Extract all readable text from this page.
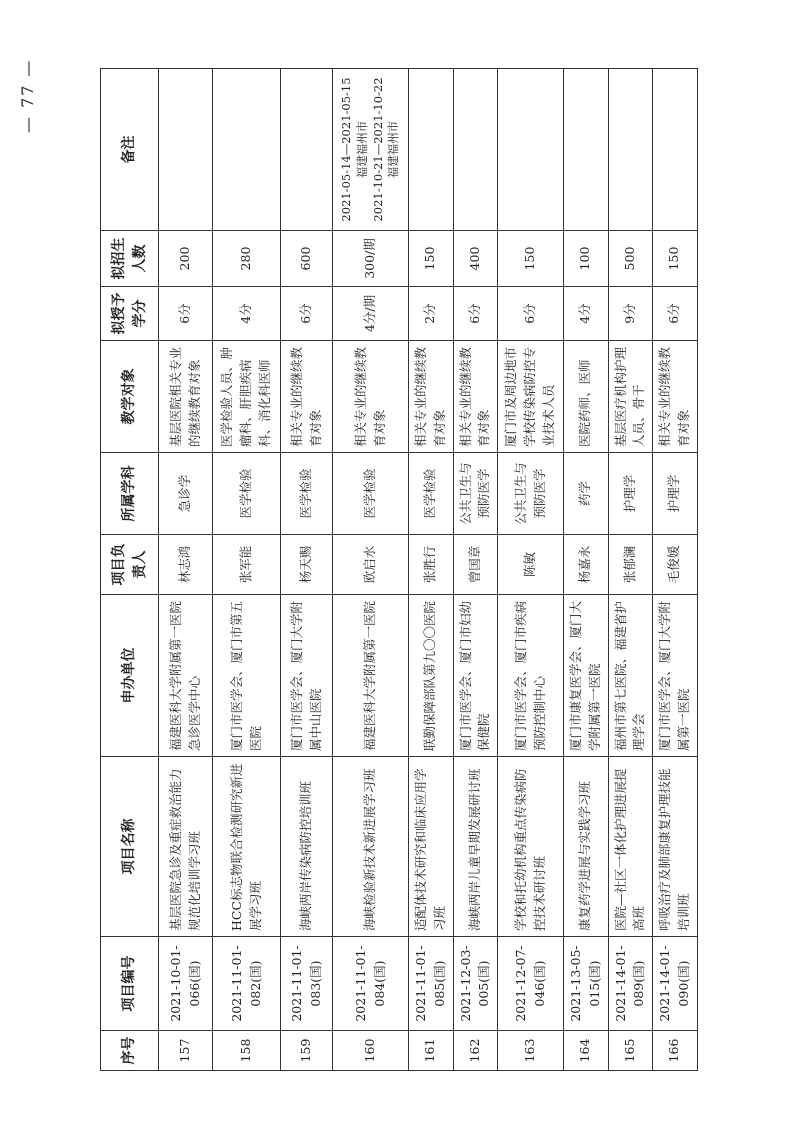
序号	项目编号	项目名称	申办单位	项目负责人	所属学科	教学对象	拟授予学分	拟招生人数	备注
157	2021-10-01-066(国)	基层医院急诊及重症救治能力规范化培训学习班	福建医科大学附属第一医院急诊医学中心	林志鸿	急诊学	基层医院相关专业的继续教育对象	6分	200	
158	2021-11-01-082(国)	HCC标志物联合检测研究新进展学习班	厦门市医学会、厦门市第五医院	张军能	医学检验	医学检验人员、肿瘤科、肝胆疾病科、消化科医师	4分	280	
159	2021-11-01-083(国)	海峡两岸传染病防控培训班	厦门市医学会、厦门大学附属中山医院	杨天赐	医学检验	相关专业的继续教育对象	6分	600	
160	2021-11-01-084(国)	海峡检验新技术新进展学习班	福建医科大学附属第一医院	欧启水	医学检验	相关专业的继续教育对象	4分/期	300/期	2021-05-14—2021-05-15
福建福州市
2021-10-21—2021-10-22
福建福州市
161	2021-11-01-085(国)	适配体技术研究和临床应用学习班	联勤保障部队第九〇〇医院	张胜行	医学检验	相关专业的继续教育对象	2分	150	
162	2021-12-03-005(国)	海峡两岸儿童早期发展研讨班	厦门市医学会、厦门市妇幼保健院	曾国章	公共卫生与预防医学	相关专业的继续教育对象	6分	400	
163	2021-12-07-046(国)	学校和托幼机构重点传染病防控技术研讨班	厦门市医学会、厦门市疾病预防控制中心	陈敏	公共卫生与预防医学	厦门市及周边地市学校传染病防控专业技术人员	6分	150	
164	2021-13-05-015(国)	康复药学进展与实践学习班	厦门市康复医学会、厦门大学附属第一医院	杨嘉永	药学	医院药师、医师	4分	100	
165	2021-14-01-089(国)	医院—社区一体化护理进展提高班	福州市第七医院、福建省护理学会	张郁澜	护理学	基层医疗机构护理人员、骨干	9分	500	
166	2021-14-01-090(国)	呼吸治疗及肺部康复护理技能培训班	厦门市医学会、厦门大学附属第一医院	毛俊媛	护理学	相关专业的继续教育对象	6分	150	
— 77 —
